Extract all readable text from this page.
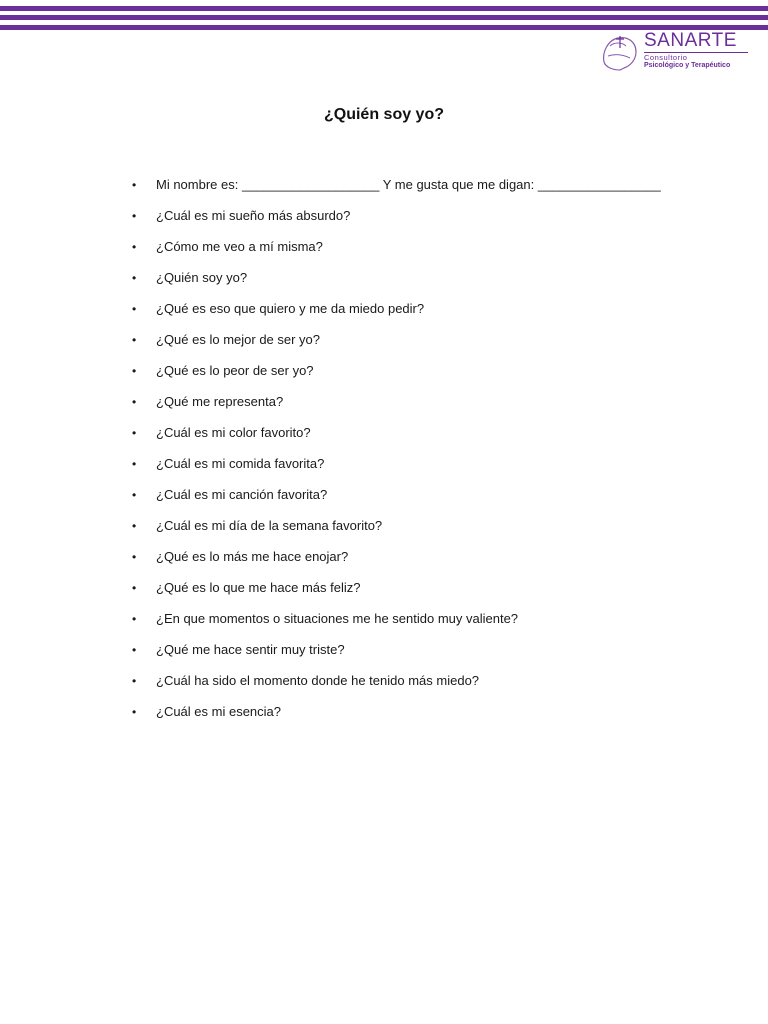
SANARTE
Consultorio
Psicológico y Terapéutico
¿Quién soy yo?
• Mi nombre es: ___________________ Y me gusta que me digan: _________________
• ¿Cuál es mi sueño más absurdo?
• ¿Cómo me veo a mí misma?
• ¿Quién soy yo?
• ¿Qué es eso que quiero y me da miedo pedir?
• ¿Qué es lo mejor de ser yo?
• ¿Qué es lo peor de ser yo?
• ¿Qué me representa?
• ¿Cuál es mi color favorito?
• ¿Cuál es mi comida favorita?
• ¿Cuál es mi canción favorita?
• ¿Cuál es mi día de la semana favorito?
• ¿Qué es lo más me hace enojar?
• ¿Qué es lo que me hace más feliz?
• ¿En que momentos o situaciones me he sentido muy valiente?
• ¿Qué me hace sentir muy triste?
• ¿Cuál ha sido el momento donde he tenido más miedo?
• ¿Cuál es mi esencia?
